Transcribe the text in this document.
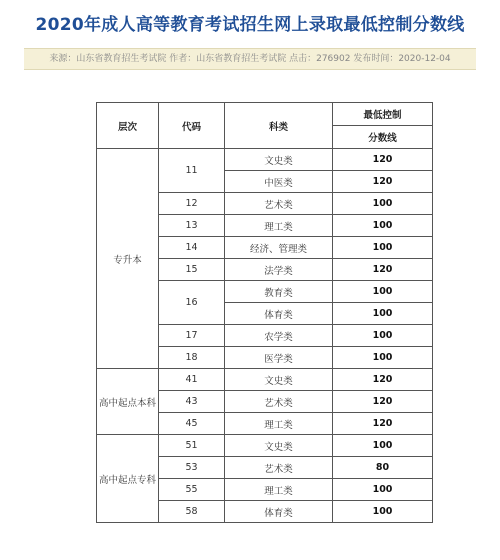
2020年成人高等教育考试招生网上录取最低控制分数线
来源：山东省教育招生考试院 作者：山东省教育招生考试院 点击：276902 发布时间：2020-12-04
层次	代码	科类	最低控制
			分数线
专升本	11	文史类	120
		中医类	120
	12	艺术类	100
	13	理工类	100
	14	经济、管理类	100
	15	法学类	120
	16	教育类	100
		体育类	100
	17	农学类	100
	18	医学类	100
高中起点本科	41	文史类	120
	43	艺术类	120
	45	理工类	120
高中起点专科	51	文史类	100
	53	艺术类	80
	55	理工类	100
	58	体育类	100
